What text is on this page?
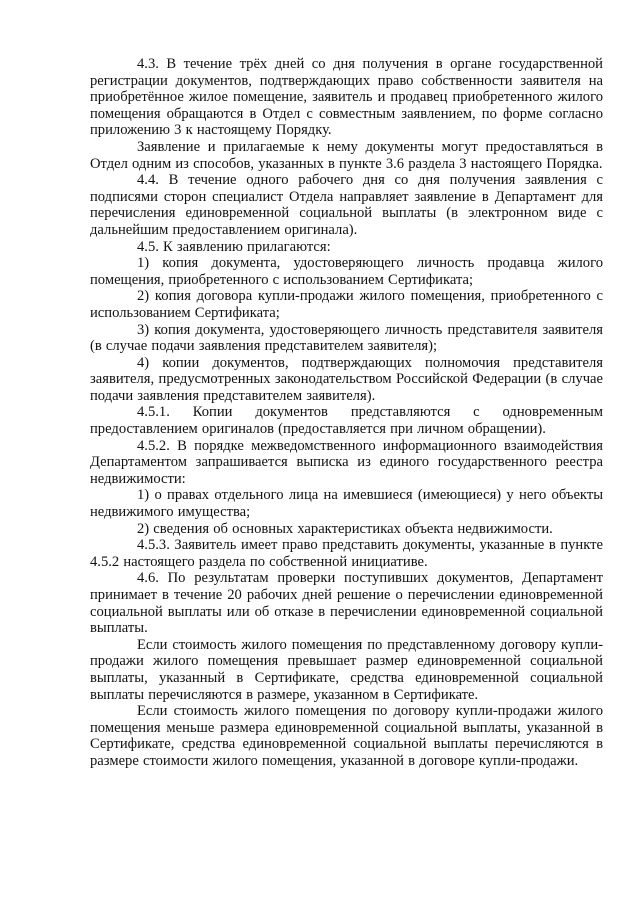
4.3. В течение трёх дней со дня получения в органе государственной регистрации документов, подтверждающих право собственности заявителя на приобретённое жилое помещение, заявитель и продавец приобретенного жилого помещения обращаются в Отдел с совместным заявлением, по форме согласно приложению 3 к настоящему Порядку.

Заявление и прилагаемые к нему документы могут предоставляться в Отдел одним из способов, указанных в пункте 3.6 раздела 3 настоящего Порядка.

4.4. В течение одного рабочего дня со дня получения заявления с подписями сторон специалист Отдела направляет заявление в Департамент для перечисления единовременной социальной выплаты (в электронном виде с дальнейшим предоставлением оригинала).

4.5. К заявлению прилагаются:

1) копия документа, удостоверяющего личность продавца жилого помещения, приобретенного с использованием Сертификата;

2) копия договора купли-продажи жилого помещения, приобретенного с использованием Сертификата;

3) копия документа, удостоверяющего личность представителя заявителя (в случае подачи заявления представителем заявителя);

4) копии документов, подтверждающих полномочия представителя заявителя, предусмотренных законодательством Российской Федерации (в случае подачи заявления представителем заявителя).

4.5.1. Копии документов представляются с одновременным предоставлением оригиналов (предоставляется при личном обращении).

4.5.2. В порядке межведомственного информационного взаимодействия Департаментом запрашивается выписка из единого государственного реестра недвижимости:

1) о правах отдельного лица на имевшиеся (имеющиеся) у него объекты недвижимого имущества;

2) сведения об основных характеристиках объекта недвижимости.

4.5.3. Заявитель имеет право представить документы, указанные в пункте 4.5.2 настоящего раздела по собственной инициативе.

4.6. По результатам проверки поступивших документов, Департамент принимает в течение 20 рабочих дней решение о перечислении единовременной социальной выплаты или об отказе в перечислении единовременной социальной выплаты.

Если стоимость жилого помещения по представленному договору купли-продажи жилого помещения превышает размер единовременной социальной выплаты, указанный в Сертификате, средства единовременной социальной выплаты перечисляются в размере, указанном в Сертификате.

Если стоимость жилого помещения по договору купли-продажи жилого помещения меньше размера единовременной социальной выплаты, указанной в Сертификате, средства единовременной социальной выплаты перечисляются в размере стоимости жилого помещения, указанной в договоре купли-продажи.
